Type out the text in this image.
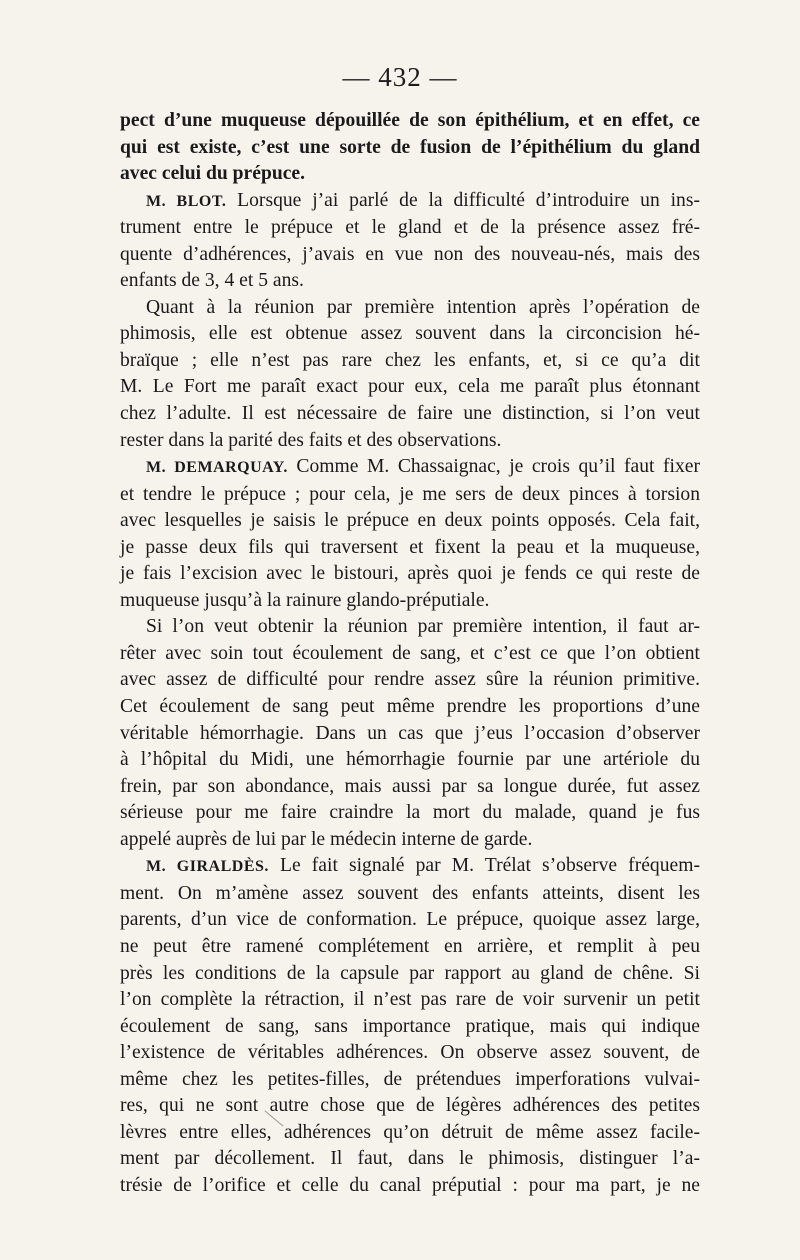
— 432 —

pect d’une muqueuse dépouillée de son épithélium, et en effet, ce
qui est existe, c’est une sorte de fusion de l’épithélium du gland
avec celui du prépuce.

M. BLOT. Lorsque j’ai parlé de la difficulté d’introduire un ins-
trument entre le prépuce et le gland et de la présence assez fré-
quente d’adhérences, j’avais en vue non des nouveau-nés, mais des
enfants de 3, 4 et 5 ans.

Quant à la réunion par première intention après l’opération de
phimosis, elle est obtenue assez souvent dans la circoncision hé-
braïque ; elle n’est pas rare chez les enfants, et, si ce qu’a dit
M. Le Fort me paraît exact pour eux, cela me paraît plus étonnant
chez l’adulte. Il est nécessaire de faire une distinction, si l’on veut
rester dans la parité des faits et des observations.

M. DEMARQUAY. Comme M. Chassaignac, je crois qu’il faut fixer
et tendre le prépuce ; pour cela, je me sers de deux pinces à torsion
avec lesquelles je saisis le prépuce en deux points opposés. Cela fait,
je passe deux fils qui traversent et fixent la peau et la muqueuse,
je fais l’excision avec le bistouri, après quoi je fends ce qui reste de
muqueuse jusqu’à la rainure glando-préputiale.

Si l’on veut obtenir la réunion par première intention, il faut ar-
rêter avec soin tout écoulement de sang, et c’est ce que l’on obtient
avec assez de difficulté pour rendre assez sûre la réunion primitive.
Cet écoulement de sang peut même prendre les proportions d’une
véritable hémorrhagie. Dans un cas que j’eus l’occasion d’observer
à l’hôpital du Midi, une hémorrhagie fournie par une artériole du
frein, par son abondance, mais aussi par sa longue durée, fut assez
sérieuse pour me faire craindre la mort du malade, quand je fus
appelé auprès de lui par le médecin interne de garde.

M. GIRALDÈS. Le fait signalé par M. Trélat s’observe fréquem-
ment. On m’amène assez souvent des enfants atteints, disent les
parents, d’un vice de conformation. Le prépuce, quoique assez large,
ne peut être ramené complétement en arrière, et remplit à peu
près les conditions de la capsule par rapport au gland de chêne. Si
l’on complète la rétraction, il n’est pas rare de voir survenir un petit
écoulement de sang, sans importance pratique, mais qui indique
l’existence de véritables adhérences. On observe assez souvent, de
même chez les petites-filles, de prétendues imperforations vulvai-
res, qui ne sont autre chose que de légères adhérences des petites
lèvres entre elles, adhérences qu’on détruit de même assez facile-
ment par décollement. Il faut, dans le phimosis, distinguer l’a-
trésie de l’orifice et celle du canal préputial : pour ma part, je ne
